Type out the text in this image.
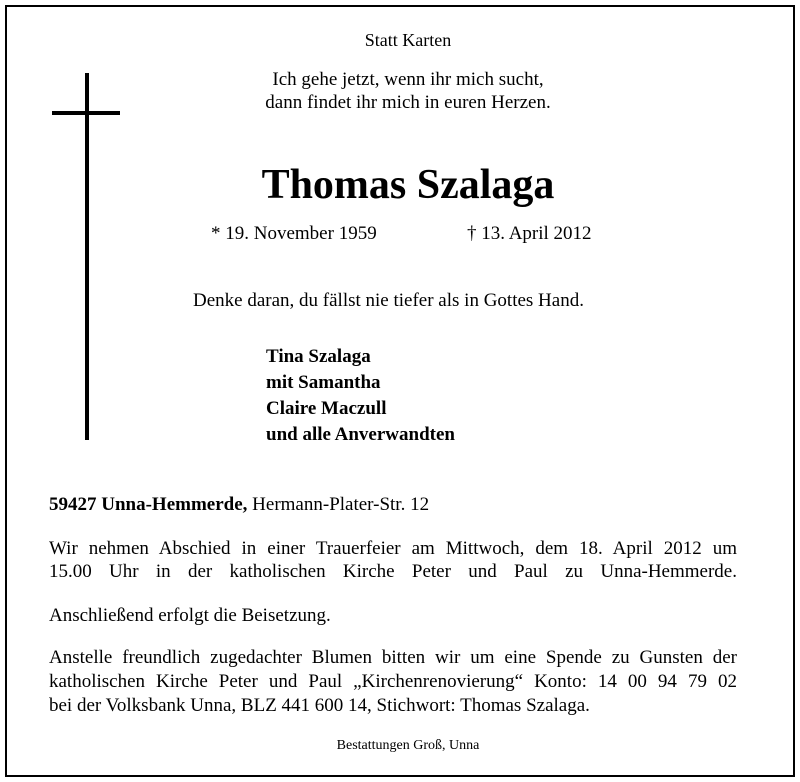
Statt Karten
Ich gehe jetzt, wenn ihr mich sucht,
dann findet ihr mich in euren Herzen.
Thomas Szalaga
* 19. November 1959	† 13. April 2012
Denke daran, du fällst nie tiefer als in Gottes Hand.
Tina Szalaga
mit Samantha
Claire Maczull
und alle Anverwandten
59427 Unna-Hemmerde, Hermann-Plater-Str. 12
Wir nehmen Abschied in einer Trauerfeier am Mittwoch, dem 18. April 2012 um
15.00 Uhr in der katholischen Kirche Peter und Paul zu Unna-Hemmerde.
Anschließend erfolgt die Beisetzung.
Anstelle freundlich zugedachter Blumen bitten wir um eine Spende zu Gunsten der
katholischen Kirche Peter und Paul „Kirchenrenovierung“ Konto: 14 00 94 79 02
bei der Volksbank Unna, BLZ 441 600 14, Stichwort: Thomas Szalaga.
Bestattungen Groß, Unna
